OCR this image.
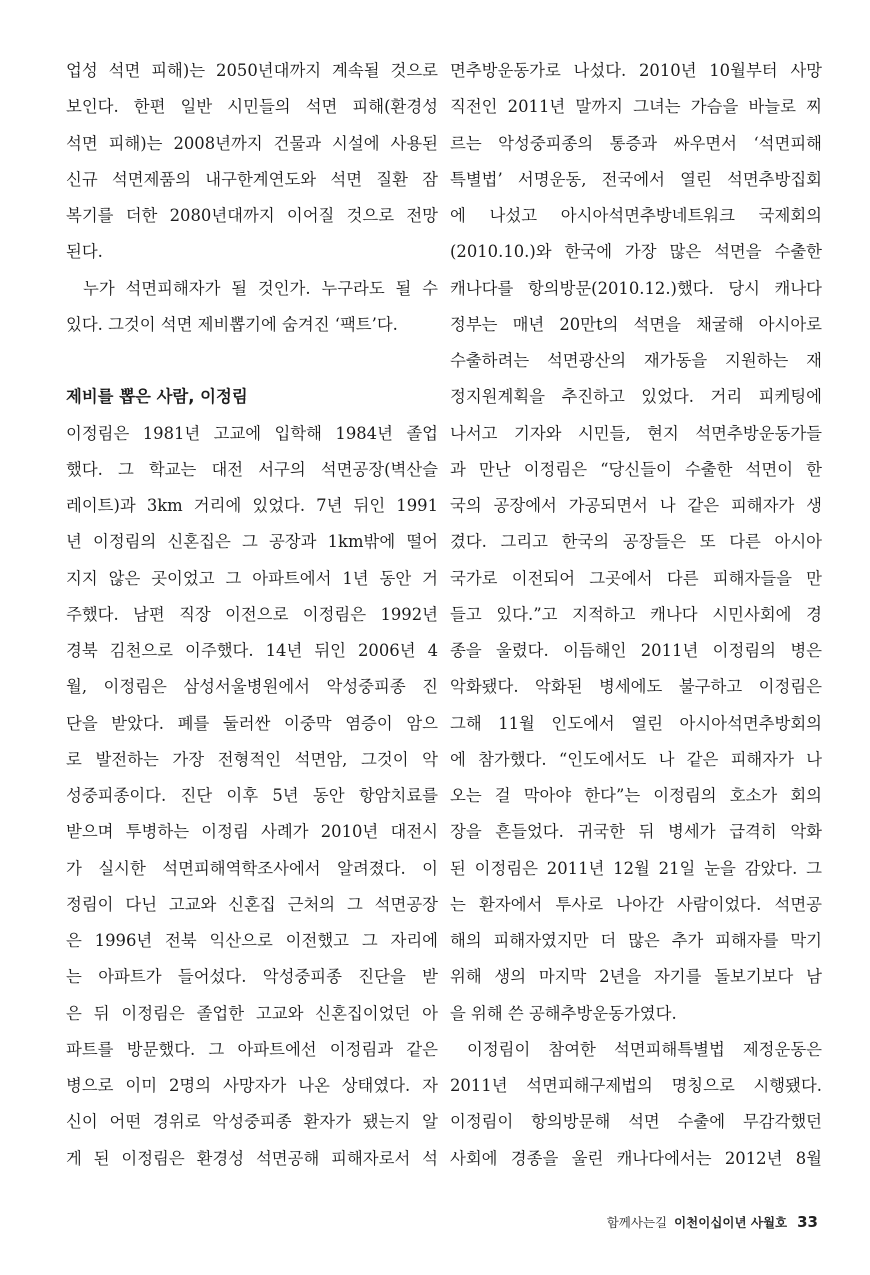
업성 석면 피해)는 2050년대까지 계속될 것으로
보인다. 한편 일반 시민들의 석면 피해(환경성
석면 피해)는 2008년까지 건물과 시설에 사용된
신규 석면제품의 내구한계연도와 석면 질환 잠
복기를 더한 2080년대까지 이어질 것으로 전망
된다.
누가 석면피해자가 될 것인가. 누구라도 될 수
있다. 그것이 석면 제비뽑기에 숨겨진 ‘팩트’다.
제비를 뽑은 사람, 이정림
이정림은 1981년 고교에 입학해 1984년 졸업
했다. 그 학교는 대전 서구의 석면공장(벽산슬
레이트)과 3km 거리에 있었다. 7년 뒤인 1991
년 이정림의 신혼집은 그 공장과 1km밖에 떨어
지지 않은 곳이었고 그 아파트에서 1년 동안 거
주했다. 남편 직장 이전으로 이정림은 1992년
경북 김천으로 이주했다. 14년 뒤인 2006년 4
월, 이정림은 삼성서울병원에서 악성중피종 진
단을 받았다. 폐를 둘러싼 이중막 염증이 암으
로 발전하는 가장 전형적인 석면암, 그것이 악
성중피종이다. 진단 이후 5년 동안 항암치료를
받으며 투병하는 이정림 사례가 2010년 대전시
가 실시한 석면피해역학조사에서 알려졌다. 이
정림이 다닌 고교와 신혼집 근처의 그 석면공장
은 1996년 전북 익산으로 이전했고 그 자리에
는 아파트가 들어섰다. 악성중피종 진단을 받
은 뒤 이정림은 졸업한 고교와 신혼집이었던 아
파트를 방문했다. 그 아파트에선 이정림과 같은
병으로 이미 2명의 사망자가 나온 상태였다. 자
신이 어떤 경위로 악성중피종 환자가 됐는지 알
게 된 이정림은 환경성 석면공해 피해자로서 석
면추방운동가로 나섰다. 2010년 10월부터 사망
직전인 2011년 말까지 그녀는 가슴을 바늘로 찌
르는 악성중피종의 통증과 싸우면서 ‘석면피해
특별법’ 서명운동, 전국에서 열린 석면추방집회
에 나섰고 아시아석면추방네트워크 국제회의
(2010.10.)와 한국에 가장 많은 석면을 수출한
캐나다를 항의방문(2010.12.)했다. 당시 캐나다
정부는 매년 20만t의 석면을 채굴해 아시아로
수출하려는 석면광산의 재가동을 지원하는 재
정지원계획을 추진하고 있었다. 거리 피케팅에
나서고 기자와 시민들, 현지 석면추방운동가들
과 만난 이정림은 “당신들이 수출한 석면이 한
국의 공장에서 가공되면서 나 같은 피해자가 생
겼다. 그리고 한국의 공장들은 또 다른 아시아
국가로 이전되어 그곳에서 다른 피해자들을 만
들고 있다.”고 지적하고 캐나다 시민사회에 경
종을 울렸다. 이듬해인 2011년 이정림의 병은
악화됐다. 악화된 병세에도 불구하고 이정림은
그해 11월 인도에서 열린 아시아석면추방회의
에 참가했다. “인도에서도 나 같은 피해자가 나
오는 걸 막아야 한다”는 이정림의 호소가 회의
장을 흔들었다. 귀국한 뒤 병세가 급격히 악화
된 이정림은 2011년 12월 21일 눈을 감았다. 그
는 환자에서 투사로 나아간 사람이었다. 석면공
해의 피해자였지만 더 많은 추가 피해자를 막기
위해 생의 마지막 2년을 자기를 돌보기보다 남
을 위해 쓴 공해추방운동가였다.
이정림이 참여한 석면피해특별법 제정운동은
2011년 석면피해구제법의 명칭으로 시행됐다.
이정림이 항의방문해 석면 수출에 무감각했던
사회에 경종을 울린 캐나다에서는 2012년 8월
함께사는길 이천이십이년 사월호 33
